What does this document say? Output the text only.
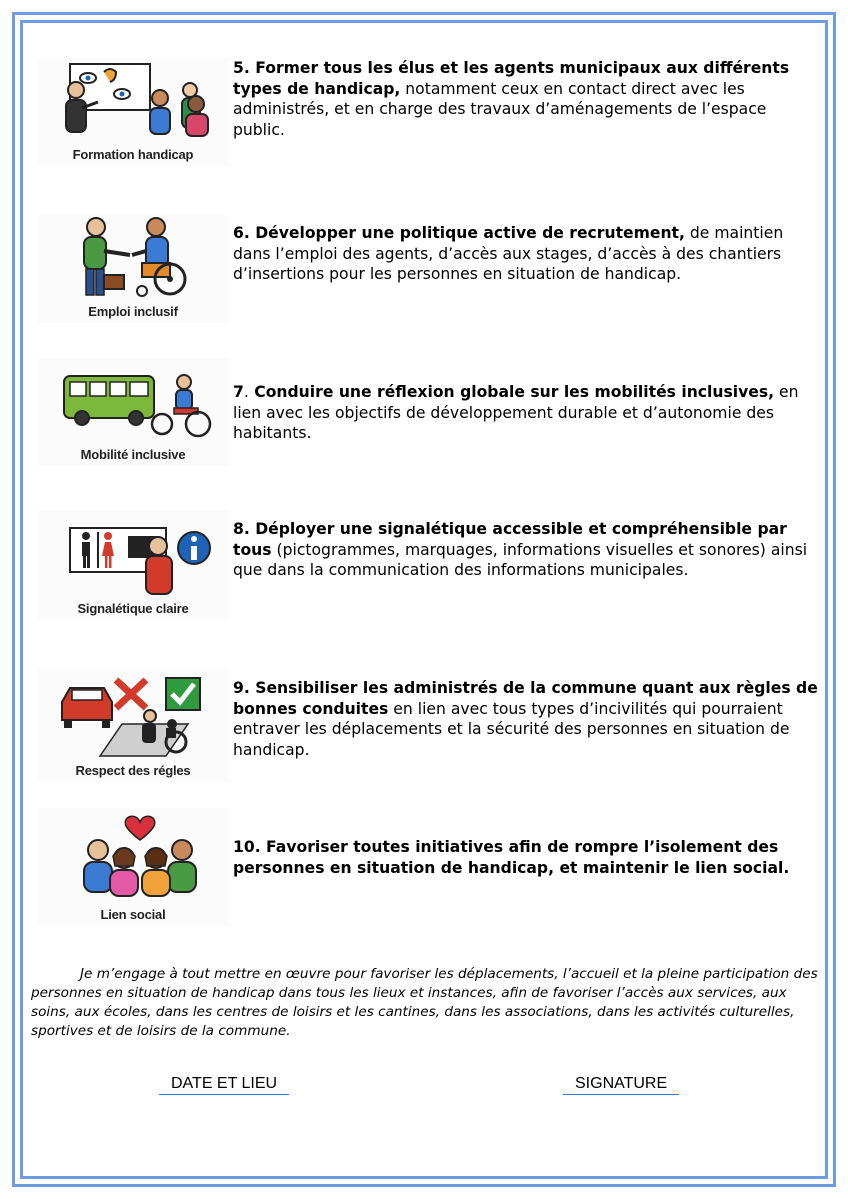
Formation handicap
5. Former tous les élus et les agents municipaux aux différents types de handicap, notamment ceux en contact direct avec les administrés, et en charge des travaux d’aménagements de l’espace public.
Emploi inclusif
6. Développer une politique active de recrutement, de maintien dans l’emploi des agents, d’accès aux stages, d’accès à des chantiers d’insertions pour les personnes en situation de handicap.
Mobilité inclusive
7. Conduire une réflexion globale sur les mobilités inclusives, en lien avec les objectifs de développement durable et d’autonomie des habitants.
Signalétique claire
8. Déployer une signalétique accessible et compréhensible par tous (pictogrammes, marquages, informations visuelles et sonores) ainsi que dans la communication des informations municipales.
Respect des régles
9. Sensibiliser les administrés de la commune quant aux règles de bonnes conduites en lien avec tous types d’incivilités qui pourraient entraver les déplacements et la sécurité des personnes en situation de handicap.
Lien social
10. Favoriser toutes initiatives afin de rompre l’isolement des personnes en situation de handicap, et maintenir le lien social.
Je m’engage à tout mettre en œuvre pour favoriser les déplacements, l’accueil et la pleine participation des personnes en situation de handicap dans tous les lieux et instances, afin de favoriser l’accès aux services, aux soins, aux écoles, dans les centres de loisirs et les cantines, dans les associations, dans les activités culturelles, sportives et de loisirs de la commune.
DATE ET LIEU	SIGNATURE
